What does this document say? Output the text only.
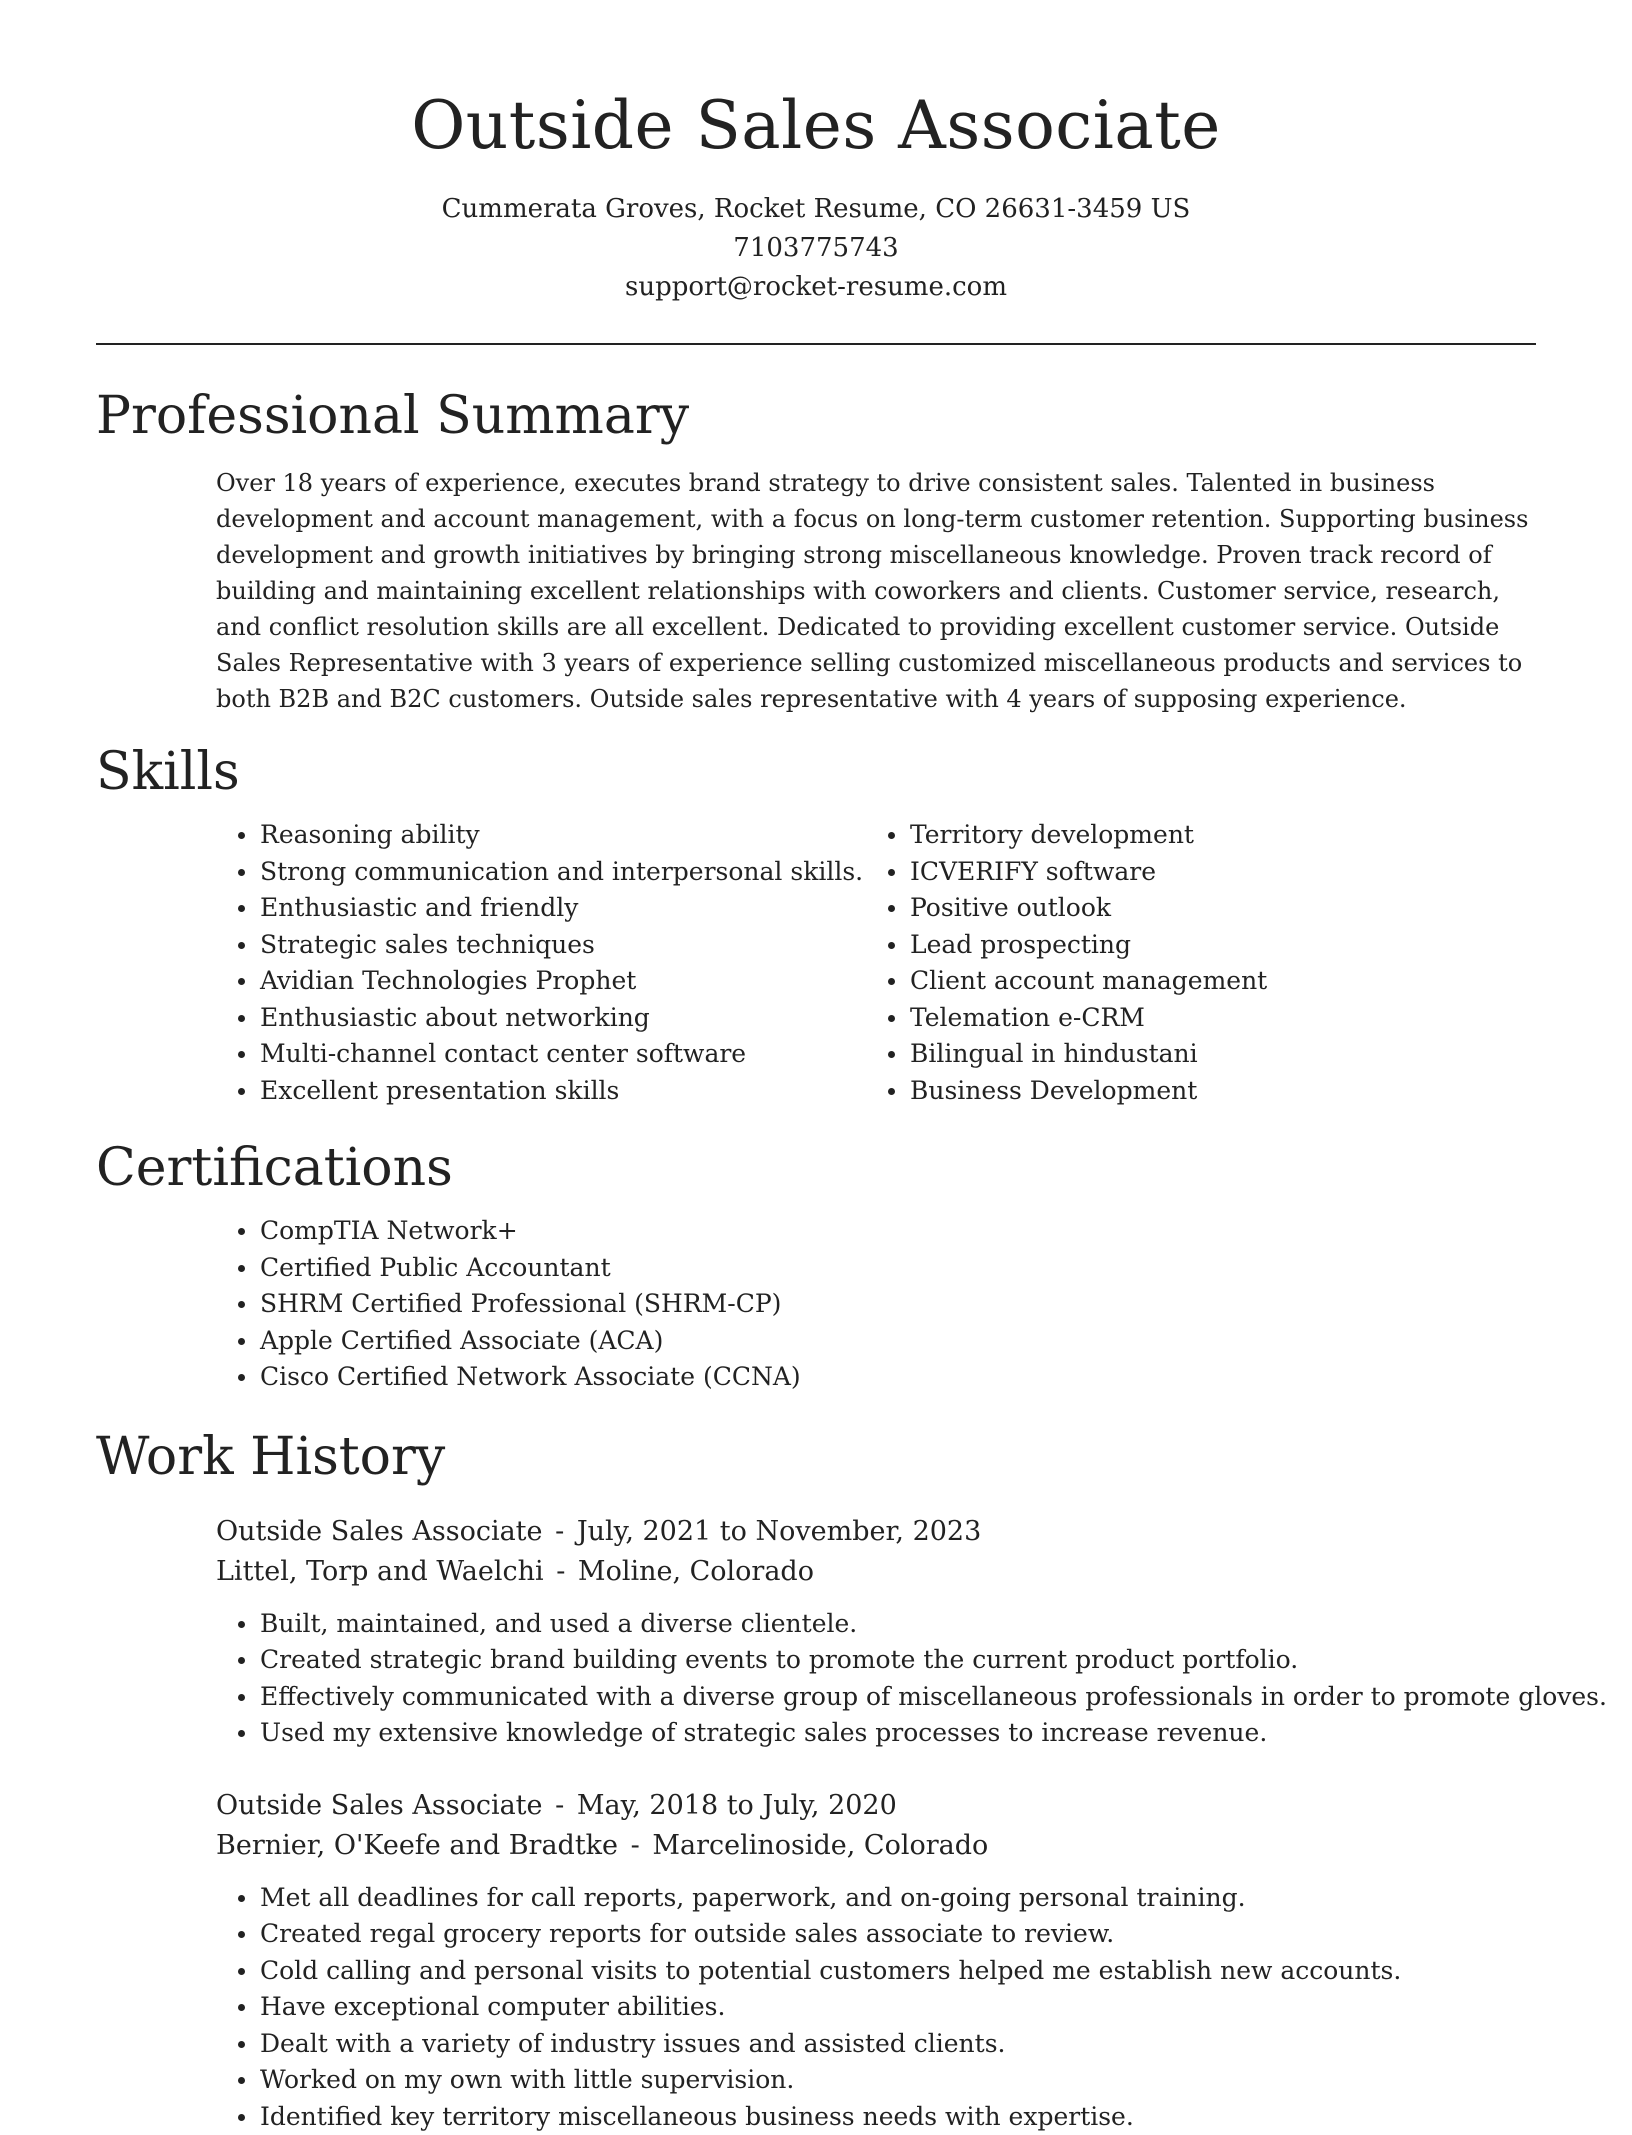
Outside Sales Associate
Cummerata Groves, Rocket Resume, CO 26631-3459 US
7103775743
support@rocket-resume.com
Professional Summary

Over 18 years of experience, executes brand strategy to drive consistent sales. Talented in business development and account management, with a focus on long-term customer retention. Supporting business development and growth initiatives by bringing strong miscellaneous knowledge. Proven track record of building and maintaining excellent relationships with coworkers and clients. Customer service, research, and conflict resolution skills are all excellent. Dedicated to providing excellent customer service. Outside Sales Representative with 3 years of experience selling customized miscellaneous products and services to both B2B and B2C customers. Outside sales representative with 4 years of supposing experience.

Skills
Reasoning ability
Strong communication and interpersonal skills.
Enthusiastic and friendly
Strategic sales techniques
Avidian Technologies Prophet
Enthusiastic about networking
Multi-channel contact center software
Excellent presentation skills
Territory development
ICVERIFY software
Positive outlook
Lead prospecting
Client account management
Telemation e-CRM
Bilingual in hindustani
Business Development
Certifications
CompTIA Network+
Certified Public Accountant
SHRM Certified Professional (SHRM-CP)
Apple Certified Associate (ACA)
Cisco Certified Network Associate (CCNA)
Work History
Outside Sales Associate - July, 2021 to November, 2023
Littel, Torp and Waelchi - Moline, Colorado
Built, maintained, and used a diverse clientele.
Created strategic brand building events to promote the current product portfolio.
Effectively communicated with a diverse group of miscellaneous professionals in order to promote gloves.
Used my extensive knowledge of strategic sales processes to increase revenue.
Outside Sales Associate - May, 2018 to July, 2020
Bernier, O'Keefe and Bradtke - Marcelinoside, Colorado
Met all deadlines for call reports, paperwork, and on-going personal training.
Created regal grocery reports for outside sales associate to review.
Cold calling and personal visits to potential customers helped me establish new accounts.
Have exceptional computer abilities.
Dealt with a variety of industry issues and assisted clients.
Worked on my own with little supervision.
Identified key territory miscellaneous business needs with expertise.
